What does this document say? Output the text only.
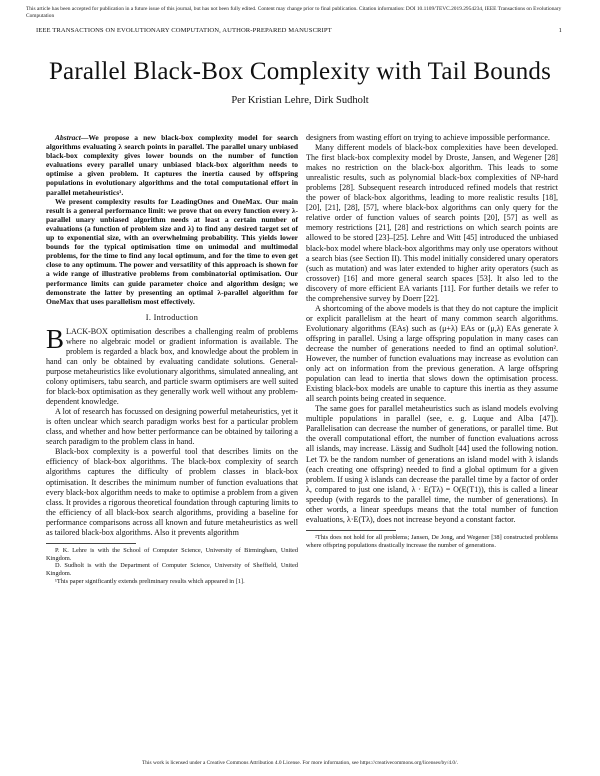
This article has been accepted for publication in a future issue of this journal, but has not been fully edited. Content may change prior to final publication. Citation information: DOI 10.1109/TEVC.2019.2954234, IEEE Transactions on Evolutionary Computation
IEEE TRANSACTIONS ON EVOLUTIONARY COMPUTATION, AUTHOR-PREPARED MANUSCRIPT	1
Parallel Black-Box Complexity with Tail Bounds
Per Kristian Lehre, Dirk Sudholt

Abstract—We propose a new black-box complexity model for search algorithms evaluating λ search points in parallel. The parallel unary unbiased black-box complexity gives lower bounds on the number of function evaluations every parallel unary unbiased black-box algorithm needs to optimise a given problem. It captures the inertia caused by offspring populations in evolutionary algorithms and the total computational effort in parallel metaheuristics¹.

We present complexity results for LeadingOnes and OneMax. Our main result is a general performance limit: we prove that on every function every λ-parallel unary unbiased algorithm needs at least a certain number of evaluations (a function of problem size and λ) to find any desired target set of up to exponential size, with an overwhelming probability. This yields lower bounds for the typical optimisation time on unimodal and multimodal problems, for the time to find any local optimum, and for the time to even get close to any optimum. The power and versatility of this approach is shown for a wide range of illustrative problems from combinatorial optimisation. Our performance limits can guide parameter choice and algorithm design; we demonstrate the latter by presenting an optimal λ-parallel algorithm for OneMax that uses parallelism most effectively.

I. Introduction

BLACK-BOX optimisation describes a challenging realm of problems where no algebraic model or gradient information is available. The problem is regarded a black box, and knowledge about the problem in hand can only be obtained by evaluating candidate solutions. General-purpose metaheuristics like evolutionary algorithms, simulated annealing, ant colony optimisers, tabu search, and particle swarm optimisers are well suited for black-box optimisation as they generally work well without any problem-dependent knowledge.

A lot of research has focussed on designing powerful metaheuristics, yet it is often unclear which search paradigm works best for a particular problem class, and whether and how better performance can be obtained by tailoring a search paradigm to the problem class in hand.

Black-box complexity is a powerful tool that describes limits on the efficiency of black-box algorithms. The black-box complexity of search algorithms captures the difficulty of problem classes in black-box optimisation. It describes the minimum number of function evaluations that every black-box algorithm needs to make to optimise a problem from a given class. It provides a rigorous theoretical foundation through capturing limits to the efficiency of all black-box search algorithms, providing a baseline for performance comparisons across all known and future metaheuristics as well as tailored black-box algorithms. Also it prevents algorithm

P. K. Lehre is with the School of Computer Science, University of Birmingham, United Kingdom.

D. Sudholt is with the Department of Computer Science, University of Sheffield, United Kingdom.

¹This paper significantly extends preliminary results which appeared in [1].

designers from wasting effort on trying to achieve impossible performance.

Many different models of black-box complexities have been developed. The first black-box complexity model by Droste, Jansen, and Wegener [28] makes no restriction on the black-box algorithm. This leads to some unrealistic results, such as polynomial black-box complexities of NP-hard problems [28]. Subsequent research introduced refined models that restrict the power of black-box algorithms, leading to more realistic results [18], [20], [21], [28], [57], where black-box algorithms can only query for the relative order of function values of search points [20], [57] as well as memory restrictions [21], [28] and restrictions on which search points are allowed to be stored [23]–[25]. Lehre and Witt [45] introduced the unbiased black-box model where black-box algorithms may only use operators without a search bias (see Section II). This model initially considered unary operators (such as mutation) and was later extended to higher arity operators (such as crossover) [16] and more general search spaces [53]. It also led to the discovery of more efficient EA variants [11]. For further details we refer to the comprehensive survey by Doerr [22].

A shortcoming of the above models is that they do not capture the implicit or explicit parallelism at the heart of many common search algorithms. Evolutionary algorithms (EAs) such as (μ+λ) EAs or (μ,λ) EAs generate λ offspring in parallel. Using a large offspring population in many cases can decrease the number of generations needed to find an optimal solution². However, the number of function evaluations may increase as evolution can only act on information from the previous generation. A large offspring population can lead to inertia that slows down the optimisation process. Existing black-box models are unable to capture this inertia as they assume all search points being created in sequence.

The same goes for parallel metaheuristics such as island models evolving multiple populations in parallel (see, e. g. Luque and Alba [47]). Parallelisation can decrease the number of generations, or parallel time. But the overall computational effort, the number of function evaluations across all islands, may increase. Lässig and Sudholt [44] used the following notion. Let Tλ be the random number of generations an island model with λ islands (each creating one offspring) needed to find a global optimum for a given problem. If using λ islands can decrease the parallel time by a factor of order λ, compared to just one island, λ · E(Tλ) = O(E(T1)), this is called a linear speedup (with regards to the parallel time, the number of generations). In other words, a linear speedups means that the total number of function evaluations, λ·E(Tλ), does not increase beyond a constant factor.

²This does not hold for all problems; Jansen, De Jong, and Wegener [38] constructed problems where offspring populations drastically increase the number of generations.

This work is licensed under a Creative Commons Attribution 4.0 License. For more information, see https://creativecommons.org/licenses/by/4.0/.
